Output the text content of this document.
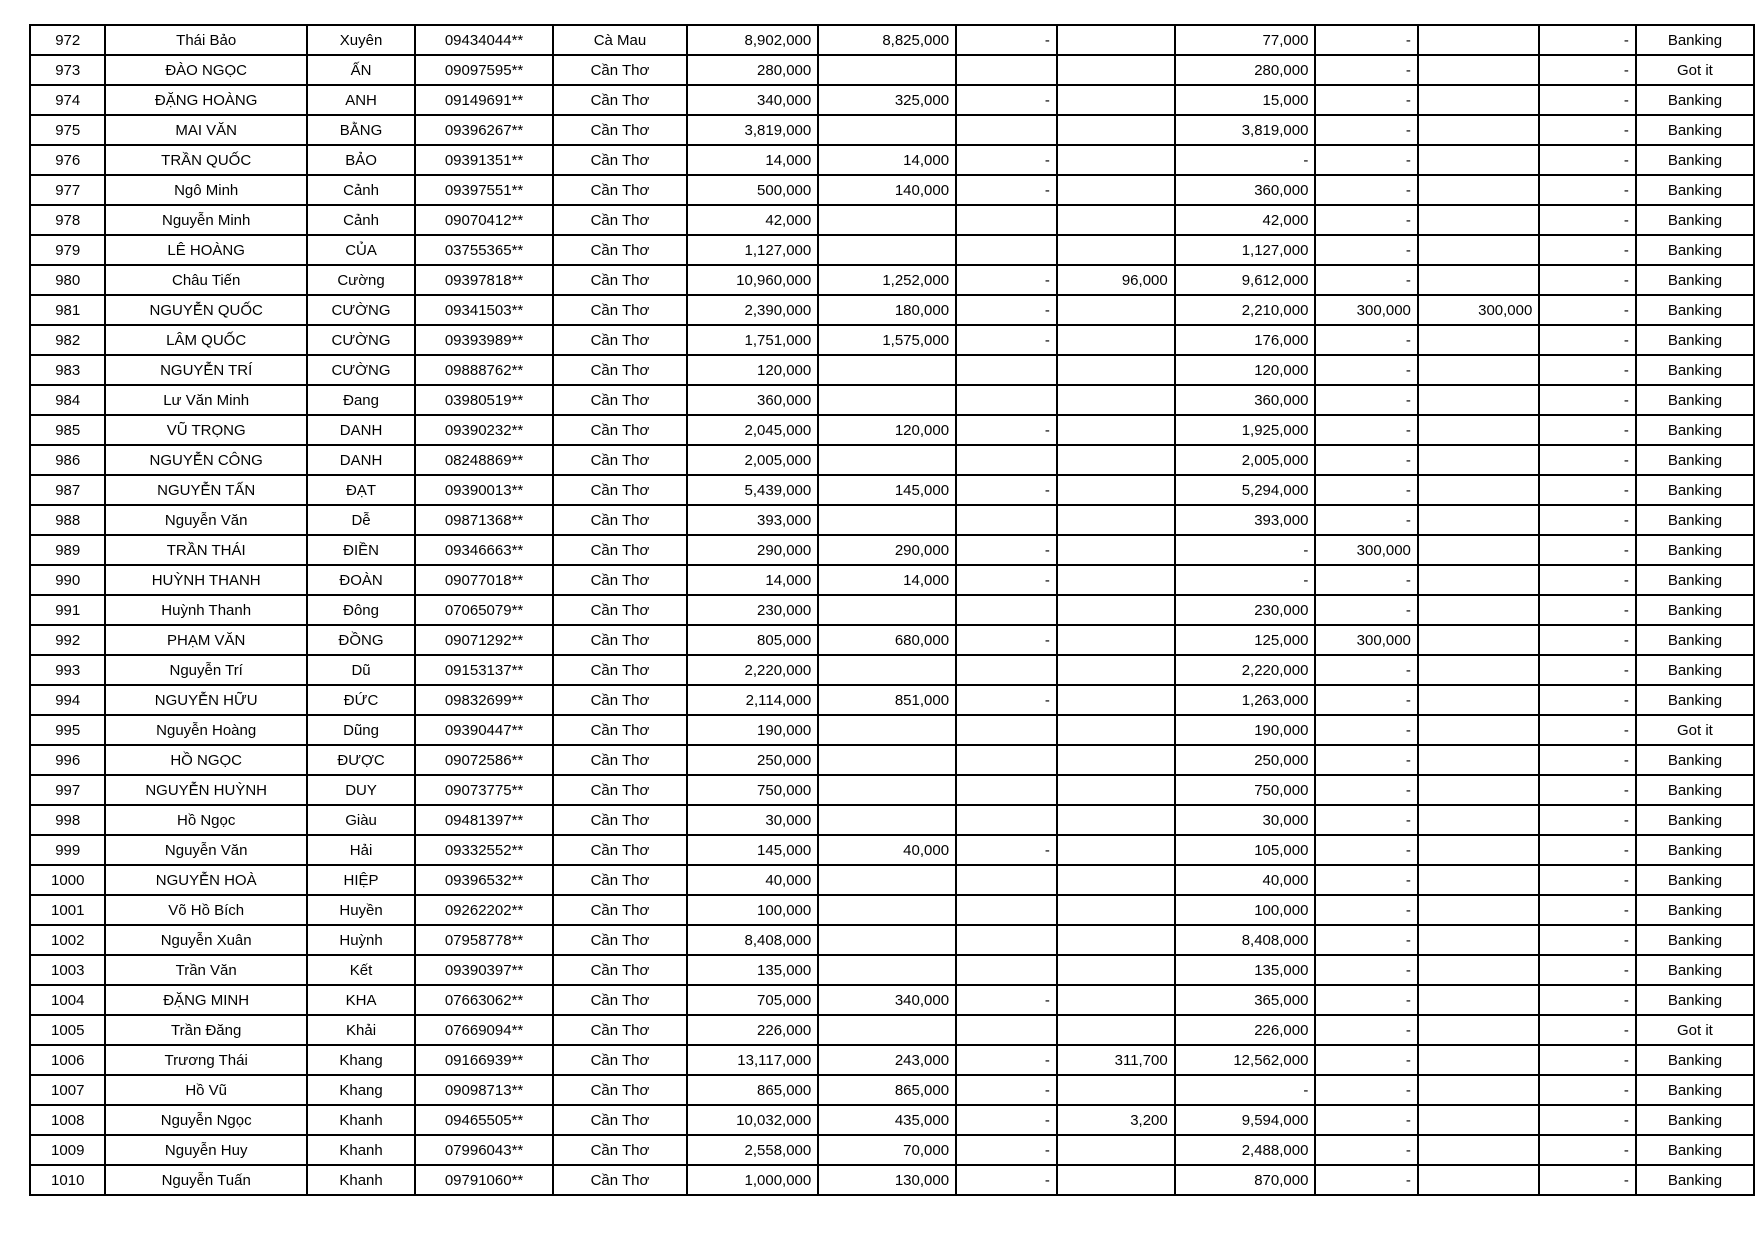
972	Thái Bảo	Xuyên	09434044**	Cà Mau	8,902,000	8,825,000	-		77,000	-		-	Banking
973	ĐÀO NGỌC	ẤN	09097595**	Cần Thơ	280,000				280,000	-		-	Got it
974	ĐẶNG HOÀNG	ANH	09149691**	Cần Thơ	340,000	325,000	-		15,000	-		-	Banking
975	MAI VĂN	BẰNG	09396267**	Cần Thơ	3,819,000				3,819,000	-		-	Banking
976	TRẦN QUỐC	BẢO	09391351**	Cần Thơ	14,000	14,000	-		-	-		-	Banking
977	Ngô Minh	Cảnh	09397551**	Cần Thơ	500,000	140,000	-		360,000	-		-	Banking
978	Nguyễn Minh	Cảnh	09070412**	Cần Thơ	42,000				42,000	-		-	Banking
979	LÊ HOÀNG	CỦA	03755365**	Cần Thơ	1,127,000				1,127,000	-		-	Banking
980	Châu Tiến	Cường	09397818**	Cần Thơ	10,960,000	1,252,000	-	96,000	9,612,000	-		-	Banking
981	NGUYỄN QUỐC	CƯỜNG	09341503**	Cần Thơ	2,390,000	180,000	-		2,210,000	300,000	300,000	-	Banking
982	LÂM QUỐC	CƯỜNG	09393989**	Cần Thơ	1,751,000	1,575,000	-		176,000	-		-	Banking
983	NGUYỄN TRÍ	CƯỜNG	09888762**	Cần Thơ	120,000				120,000	-		-	Banking
984	Lư Văn Minh	Đang	03980519**	Cần Thơ	360,000				360,000	-		-	Banking
985	VŨ TRỌNG	DANH	09390232**	Cần Thơ	2,045,000	120,000	-		1,925,000	-		-	Banking
986	NGUYỄN CÔNG	DANH	08248869**	Cần Thơ	2,005,000				2,005,000	-		-	Banking
987	NGUYỄN TẤN	ĐẠT	09390013**	Cần Thơ	5,439,000	145,000	-		5,294,000	-		-	Banking
988	Nguyễn Văn	Dễ	09871368**	Cần Thơ	393,000				393,000	-		-	Banking
989	TRẦN THÁI	ĐIỀN	09346663**	Cần Thơ	290,000	290,000	-		-	300,000		-	Banking
990	HUỲNH THANH	ĐOÀN	09077018**	Cần Thơ	14,000	14,000	-		-	-		-	Banking
991	Huỳnh Thanh	Đông	07065079**	Cần Thơ	230,000				230,000	-		-	Banking
992	PHẠM VĂN	ĐỒNG	09071292**	Cần Thơ	805,000	680,000	-		125,000	300,000		-	Banking
993	Nguyễn Trí	Dũ	09153137**	Cần Thơ	2,220,000				2,220,000	-		-	Banking
994	NGUYỄN HỮU	ĐỨC	09832699**	Cần Thơ	2,114,000	851,000	-		1,263,000	-		-	Banking
995	Nguyễn Hoàng	Dũng	09390447**	Cần Thơ	190,000				190,000	-		-	Got it
996	HỒ NGỌC	ĐƯỢC	09072586**	Cần Thơ	250,000				250,000	-		-	Banking
997	NGUYỄN HUỲNH	DUY	09073775**	Cần Thơ	750,000				750,000	-		-	Banking
998	Hồ Ngọc	Giàu	09481397**	Cần Thơ	30,000				30,000	-		-	Banking
999	Nguyễn Văn	Hải	09332552**	Cần Thơ	145,000	40,000	-		105,000	-		-	Banking
1000	NGUYỄN HOÀ	HIỆP	09396532**	Cần Thơ	40,000				40,000	-		-	Banking
1001	Võ Hồ Bích	Huyền	09262202**	Cần Thơ	100,000				100,000	-		-	Banking
1002	Nguyễn Xuân	Huỳnh	07958778**	Cần Thơ	8,408,000				8,408,000	-		-	Banking
1003	Trần Văn	Kết	09390397**	Cần Thơ	135,000				135,000	-		-	Banking
1004	ĐẶNG MINH	KHA	07663062**	Cần Thơ	705,000	340,000	-		365,000	-		-	Banking
1005	Trần Đăng	Khải	07669094**	Cần Thơ	226,000				226,000	-		-	Got it
1006	Trương Thái	Khang	09166939**	Cần Thơ	13,117,000	243,000	-	311,700	12,562,000	-		-	Banking
1007	Hồ Vũ	Khang	09098713**	Cần Thơ	865,000	865,000	-		-	-		-	Banking
1008	Nguyễn Ngọc	Khanh	09465505**	Cần Thơ	10,032,000	435,000	-	3,200	9,594,000	-		-	Banking
1009	Nguyễn Huy	Khanh	07996043**	Cần Thơ	2,558,000	70,000	-		2,488,000	-		-	Banking
1010	Nguyễn Tuấn	Khanh	09791060**	Cần Thơ	1,000,000	130,000	-		870,000	-		-	Banking
